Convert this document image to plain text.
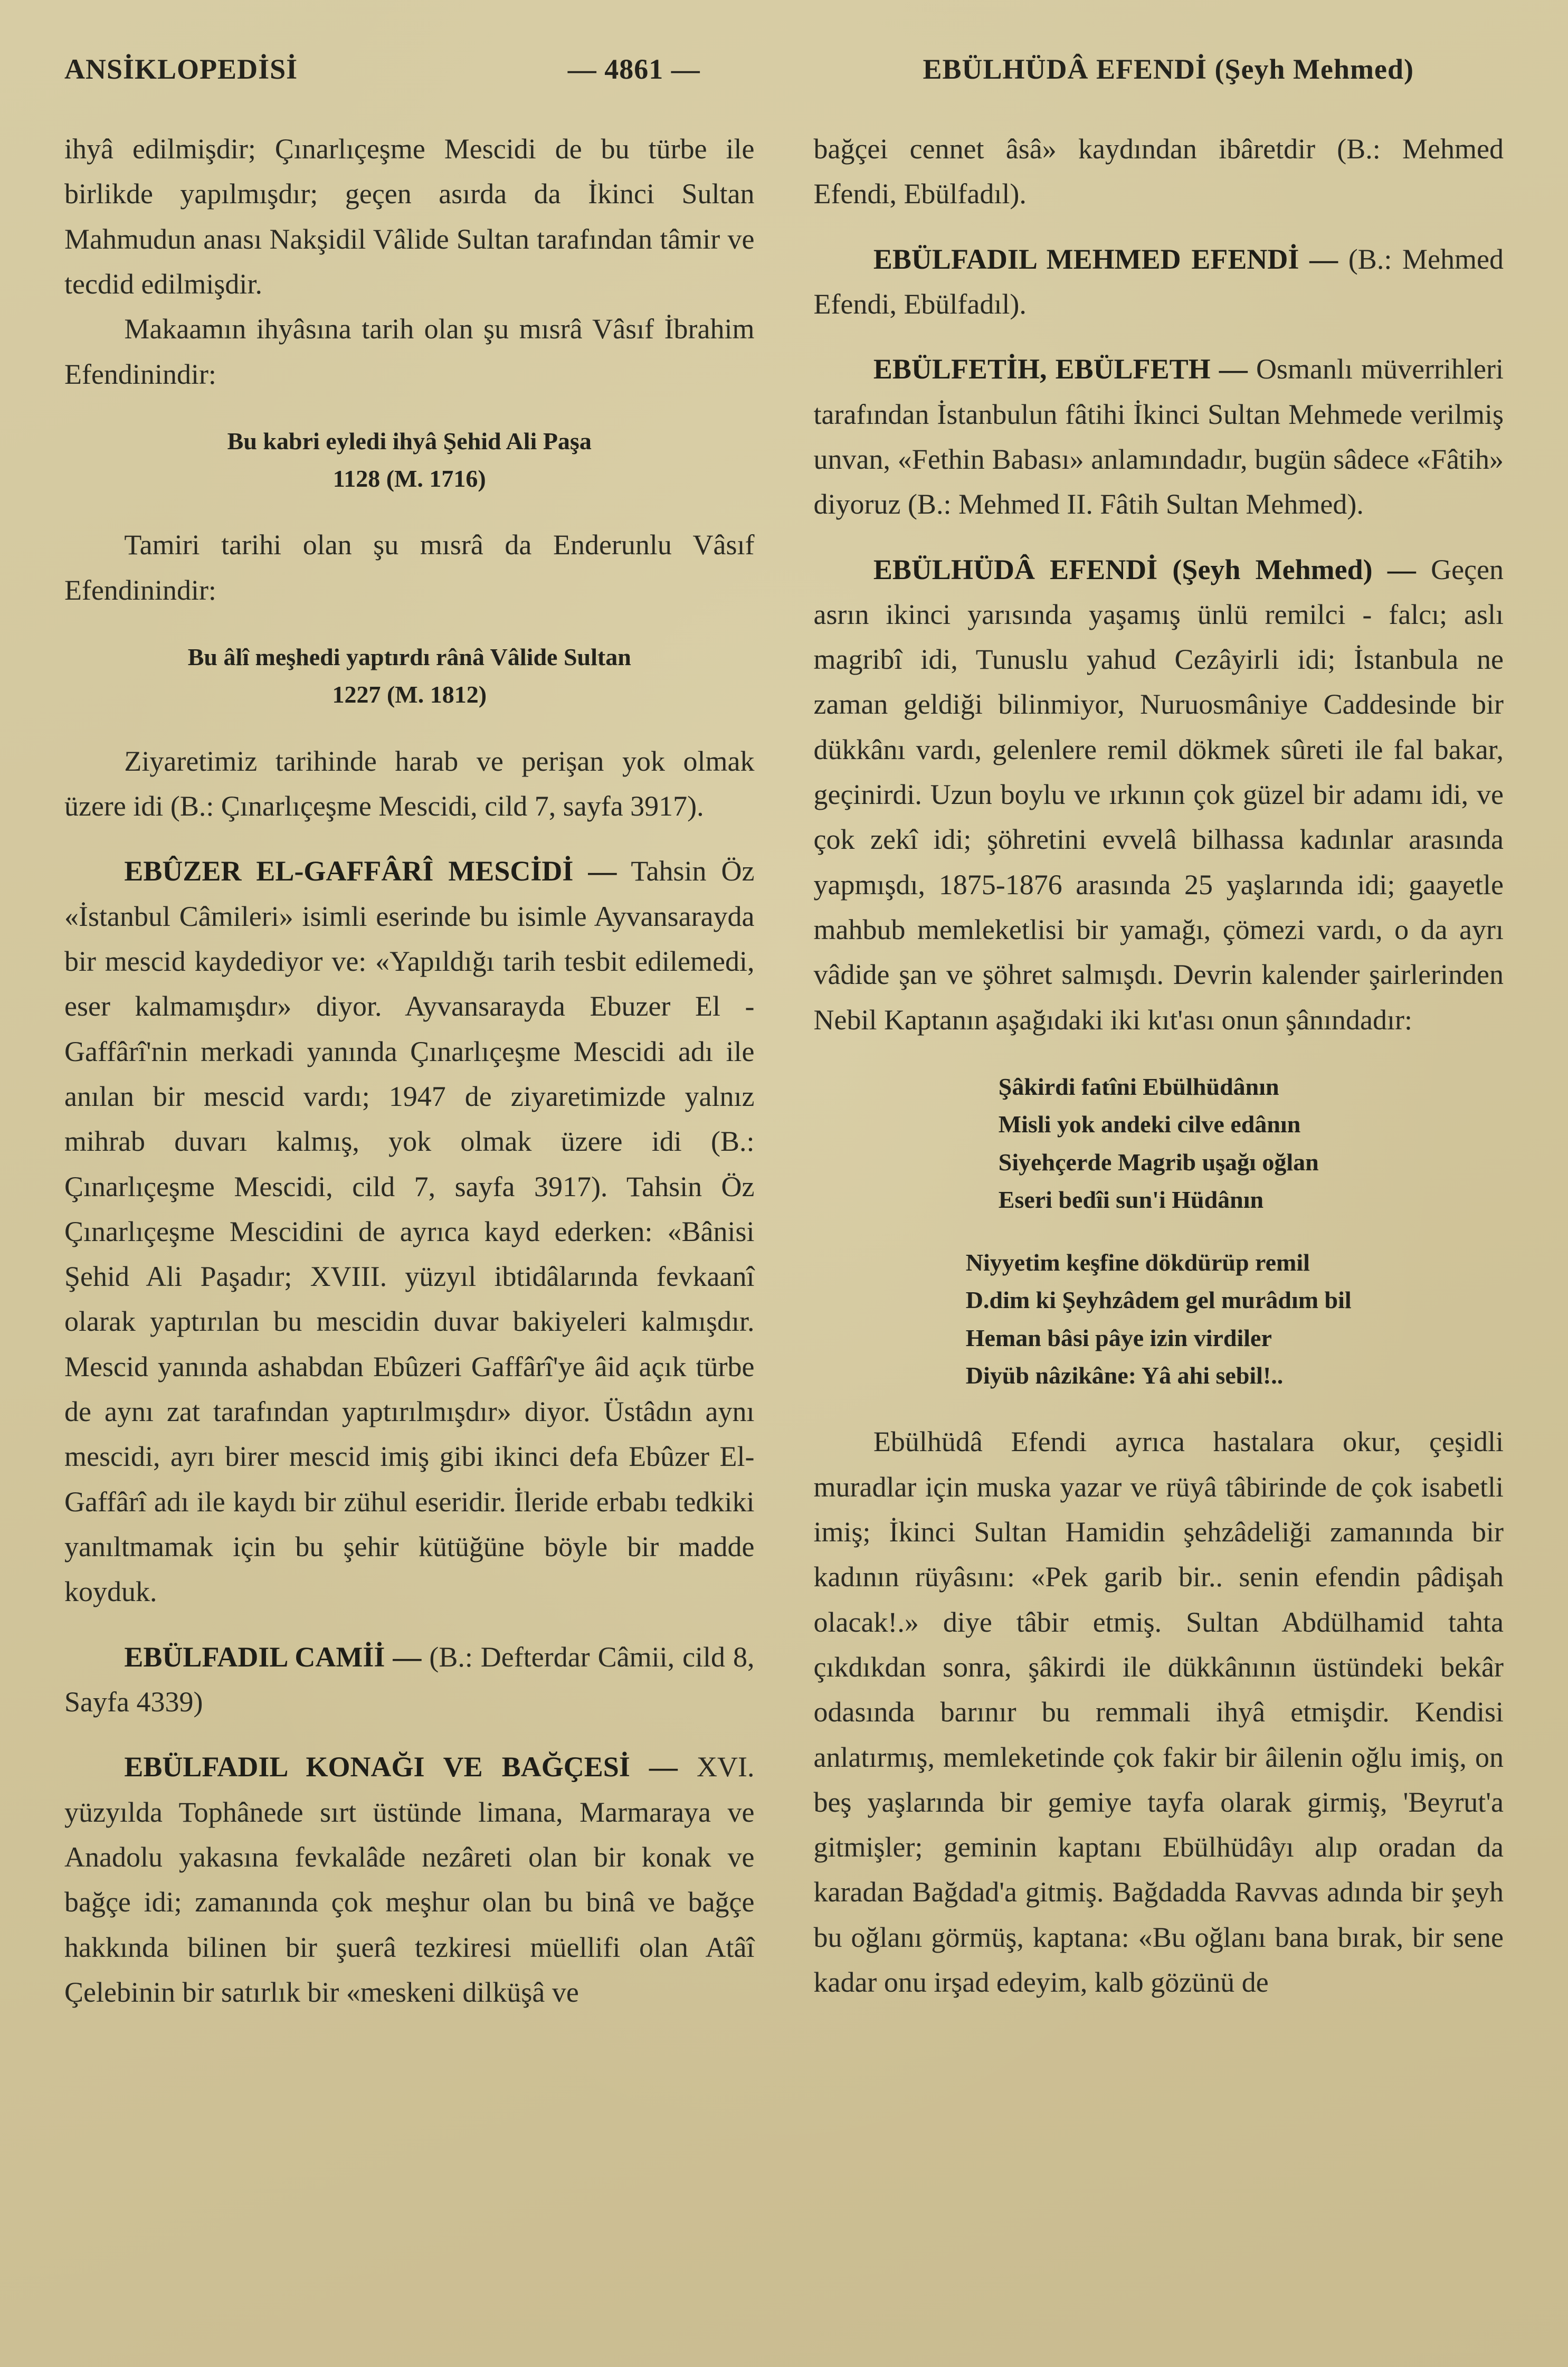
ANSİKLOPEDİSİ	— 4861 —	EBÜLHÜDÂ EFENDİ (Şeyh Mehmed)

ihyâ edilmişdir; Çınarlıçeşme Mescidi de bu türbe ile birlikde yapılmışdır; geçen asırda da İkinci Sultan Mahmudun anası Nakşidil Vâlide Sultan tarafından tâmir ve tecdid edilmişdir.

Makaamın ihyâsına tarih olan şu mısrâ Vâsıf İbrahim Efendinindir:

Bu kabri eyledi ihyâ Şehid Ali Paşa
1128 (M. 1716)

Tamiri tarihi olan şu mısrâ da Enderunlu Vâsıf Efendinindir:

Bu âlî meşhedi yaptırdı rânâ Vâlide Sultan
1227 (M. 1812)

Ziyaretimiz tarihinde harab ve perişan yok olmak üzere idi (B.: Çınarlıçeşme Mescidi, cild 7, sayfa 3917).

EBÛZER EL-GAFFÂRÎ MESCİDİ — Tahsin Öz «İstanbul Câmileri» isimli eserinde bu isimle Ayvansarayda bir mescid kaydediyor ve: «Yapıldığı tarih tesbit edilemedi, eser kalmamışdır» diyor. Ayvansarayda Ebuzer El - Gaffârî'nin merkadi yanında Çınarlıçeşme Mescidi adı ile anılan bir mescid vardı; 1947 de ziyaretimizde yalnız mihrab duvarı kalmış, yok olmak üzere idi (B.: Çınarlıçeşme Mescidi, cild 7, sayfa 3917). Tahsin Öz Çınarlıçeşme Mescidini de ayrıca kayd ederken: «Bânisi Şehid Ali Paşadır; XVIII. yüzyıl ibtidâlarında fevkaanî olarak yaptırılan bu mescidin duvar bakiyeleri kalmışdır. Mescid yanında ashabdan Ebûzeri Gaffârî'ye âid açık türbe de aynı zat tarafından yaptırılmışdır» diyor. Üstâdın aynı mescidi, ayrı birer mescid imiş gibi ikinci defa Ebûzer El-Gaffârî adı ile kaydı bir zühul eseridir. İleride erbabı tedkiki yanıltmamak için bu şehir kütüğüne böyle bir madde koyduk.

EBÜLFADIL CAMİİ — (B.: Defterdar Câmii, cild 8, Sayfa 4339)

EBÜLFADIL KONAĞI VE BAĞÇESİ — XVI. yüzyılda Tophânede sırt üstünde limana, Marmaraya ve Anadolu yakasına fevkalâde nezâreti olan bir konak ve bağçe idi; zamanında çok meşhur olan bu binâ ve bağçe hakkında bilinen bir şuerâ tezkiresi müellifi olan Atâî Çelebinin bir satırlık bir «meskeni dilküşâ ve

bağçei cennet âsâ» kaydından ibâretdir (B.: Mehmed Efendi, Ebülfadıl).

EBÜLFADIL MEHMED EFENDİ — (B.: Mehmed Efendi, Ebülfadıl).

EBÜLFETİH, EBÜLFETH — Osmanlı müverrihleri tarafından İstanbulun fâtihi İkinci Sultan Mehmede verilmiş unvan, «Fethin Babası» anlamındadır, bugün sâdece «Fâtih» diyoruz (B.: Mehmed II. Fâtih Sultan Mehmed).

EBÜLHÜDÂ EFENDİ (Şeyh Mehmed) — Geçen asrın ikinci yarısında yaşamış ünlü remilci - falcı; aslı magribî idi, Tunuslu yahud Cezâyirli idi; İstanbula ne zaman geldiği bilinmiyor, Nuruosmâniye Caddesinde bir dükkânı vardı, gelenlere remil dökmek sûreti ile fal bakar, geçinirdi. Uzun boylu ve ırkının çok güzel bir adamı idi, ve çok zekî idi; şöhretini evvelâ bilhassa kadınlar arasında yapmışdı, 1875-1876 arasında 25 yaşlarında idi; gaayetle mahbub memleketlisi bir yamağı, çömezi vardı, o da ayrı vâdide şan ve şöhret salmışdı. Devrin kalender şairlerinden Nebil Kaptanın aşağıdaki iki kıt'ası onun şânındadır:

Şâkirdi fatîni Ebülhüdânın
Misli yok andeki cilve edânın
Siyehçerde Magrib uşağı oğlan
Eseri bedîi sun'i Hüdânın
Niyyetim keşfine dökdürüp remil
D.dim ki Şeyhzâdem gel murâdım bil
Heman bâsi pâye izin virdiler
Diyüb nâzikâne: Yâ ahi sebil!..

Ebülhüdâ Efendi ayrıca hastalara okur, çeşidli muradlar için muska yazar ve rüyâ tâbirinde de çok isabetli imiş; İkinci Sultan Hamidin şehzâdeliği zamanında bir kadının rüyâsını: «Pek garib bir.. senin efendin pâdişah olacak!.» diye tâbir etmiş. Sultan Abdülhamid tahta çıkdıkdan sonra, şâkirdi ile dükkânının üstündeki bekâr odasında barınır bu remmali ihyâ etmişdir. Kendisi anlatırmış, memleketinde çok fakir bir âilenin oğlu imiş, on beş yaşlarında bir gemiye tayfa olarak girmiş, 'Beyrut'a gitmişler; geminin kaptanı Ebülhüdâyı alıp oradan da karadan Bağdad'a gitmiş. Bağdadda Ravvas adında bir şeyh bu oğlanı görmüş, kaptana: «Bu oğlanı bana bırak, bir sene kadar onu irşad edeyim, kalb gözünü de
